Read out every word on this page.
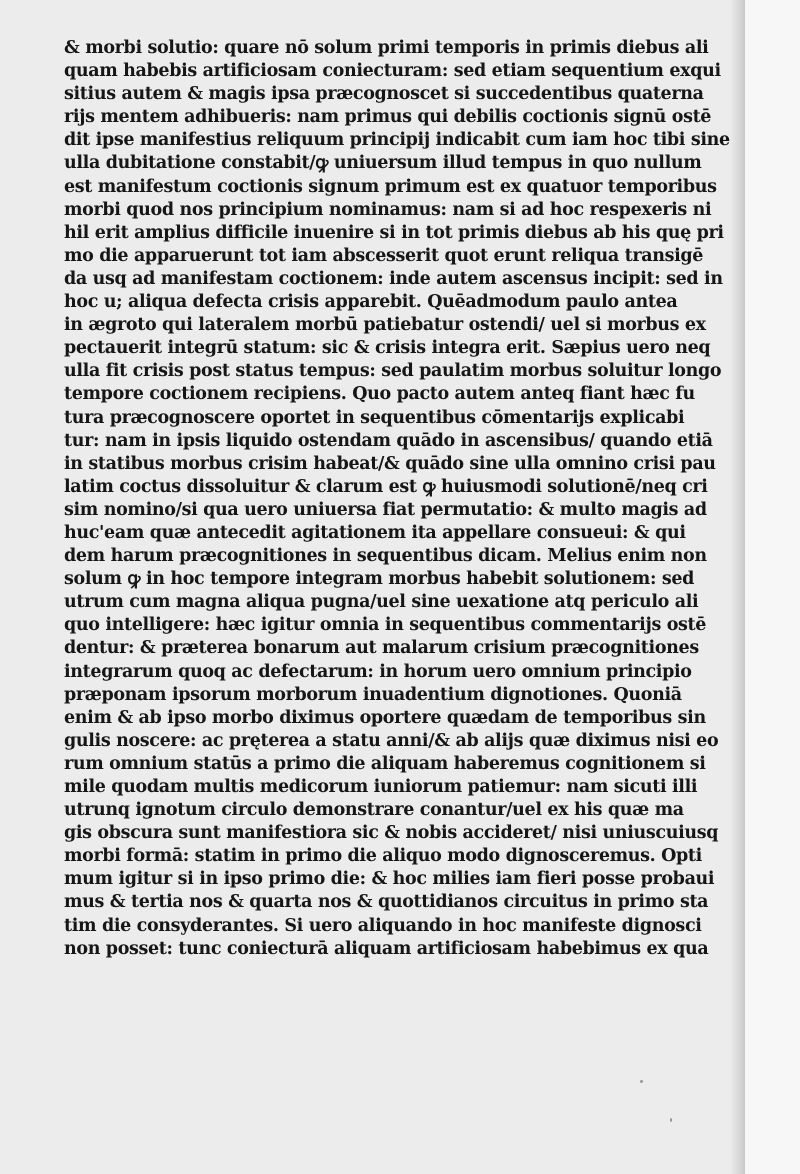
& morbi solutio: quare nō solum primi temporis in primis diebus ali
quam habebis artificiosam coniecturam: sed etiam sequentium exqui
sitius autem & magis ipsa præcognoscet si succedentibus quaterna
rijs mentem adhibueris: nam primus qui debilis coctionis signū ostē
dit ipse manifestius reliquum principij indicabit cum iam hoc tibi sine
ulla dubitatione constabit/ꝙ uniuersum illud tempus in quo nullum
est manifestum coctionis signum primum est ex quatuor temporibus
morbi quod nos principium nominamus: nam si ad hoc respexeris ni
hil erit amplius difficile inuenire si in tot primis diebus ab his quę pri
mo die apparuerunt tot iam abscesserit quot erunt reliqua transigē
da usq ad manifestam coctionem: inde autem ascensus incipit: sed in
hoc u; aliqua defecta crisis apparebit. Quēadmodum paulo antea
in ægroto qui lateralem morbū patiebatur ostendi/ uel si morbus ex
pectauerit integrū statum: sic & crisis integra erit. Sæpius uero neq
ulla fit crisis post status tempus: sed paulatim morbus soluitur longo
tempore coctionem recipiens. Quo pacto autem anteq fiant hæc fu
tura præcognoscere oportet in sequentibus cōmentarijs explicabi
tur: nam in ipsis liquido ostendam quādo in ascensibus/ quando etiā
in statibus morbus crisim habeat/& quādo sine ulla omnino crisi pau
latim coctus dissoluitur & clarum est ꝙ huiusmodi solutionē/neq cri
sim nomino/si qua uero uniuersa fiat permutatio: & multo magis ad
huc'eam quæ antecedit agitationem ita appellare consueui: & qui
dem harum præcognitiones in sequentibus dicam. Melius enim non
solum ꝙ in hoc tempore integram morbus habebit solutionem: sed
utrum cum magna aliqua pugna/uel sine uexatione atq periculo ali
quo intelligere: hæc igitur omnia in sequentibus commentarijs ostē
dentur: & præterea bonarum aut malarum crisium præcognitiones
integrarum quoq ac defectarum: in horum uero omnium principio
præponam ipsorum morborum inuadentium dignotiones. Quoniā
enim & ab ipso morbo diximus oportere quædam de temporibus sin
gulis noscere: ac pręterea a statu anni/& ab alijs quæ diximus nisi eo
rum omnium statūs a primo die aliquam haberemus cognitionem si
mile quodam multis medicorum iuniorum patiemur: nam sicuti illi
utrunq ignotum circulo demonstrare conantur/uel ex his quæ ma
gis obscura sunt manifestiora sic & nobis accideret/ nisi uniuscuiusq
morbi formā: statim in primo die aliquo modo dignosceremus. Opti
mum igitur si in ipso primo die: & hoc milies iam fieri posse probaui
mus & tertia nos & quarta nos & quottidianos circuitus in primo sta
tim die consyderantes. Si uero aliquando in hoc manifeste dignosci
non posset: tunc coniecturā aliquam artificiosam habebimus ex qua
